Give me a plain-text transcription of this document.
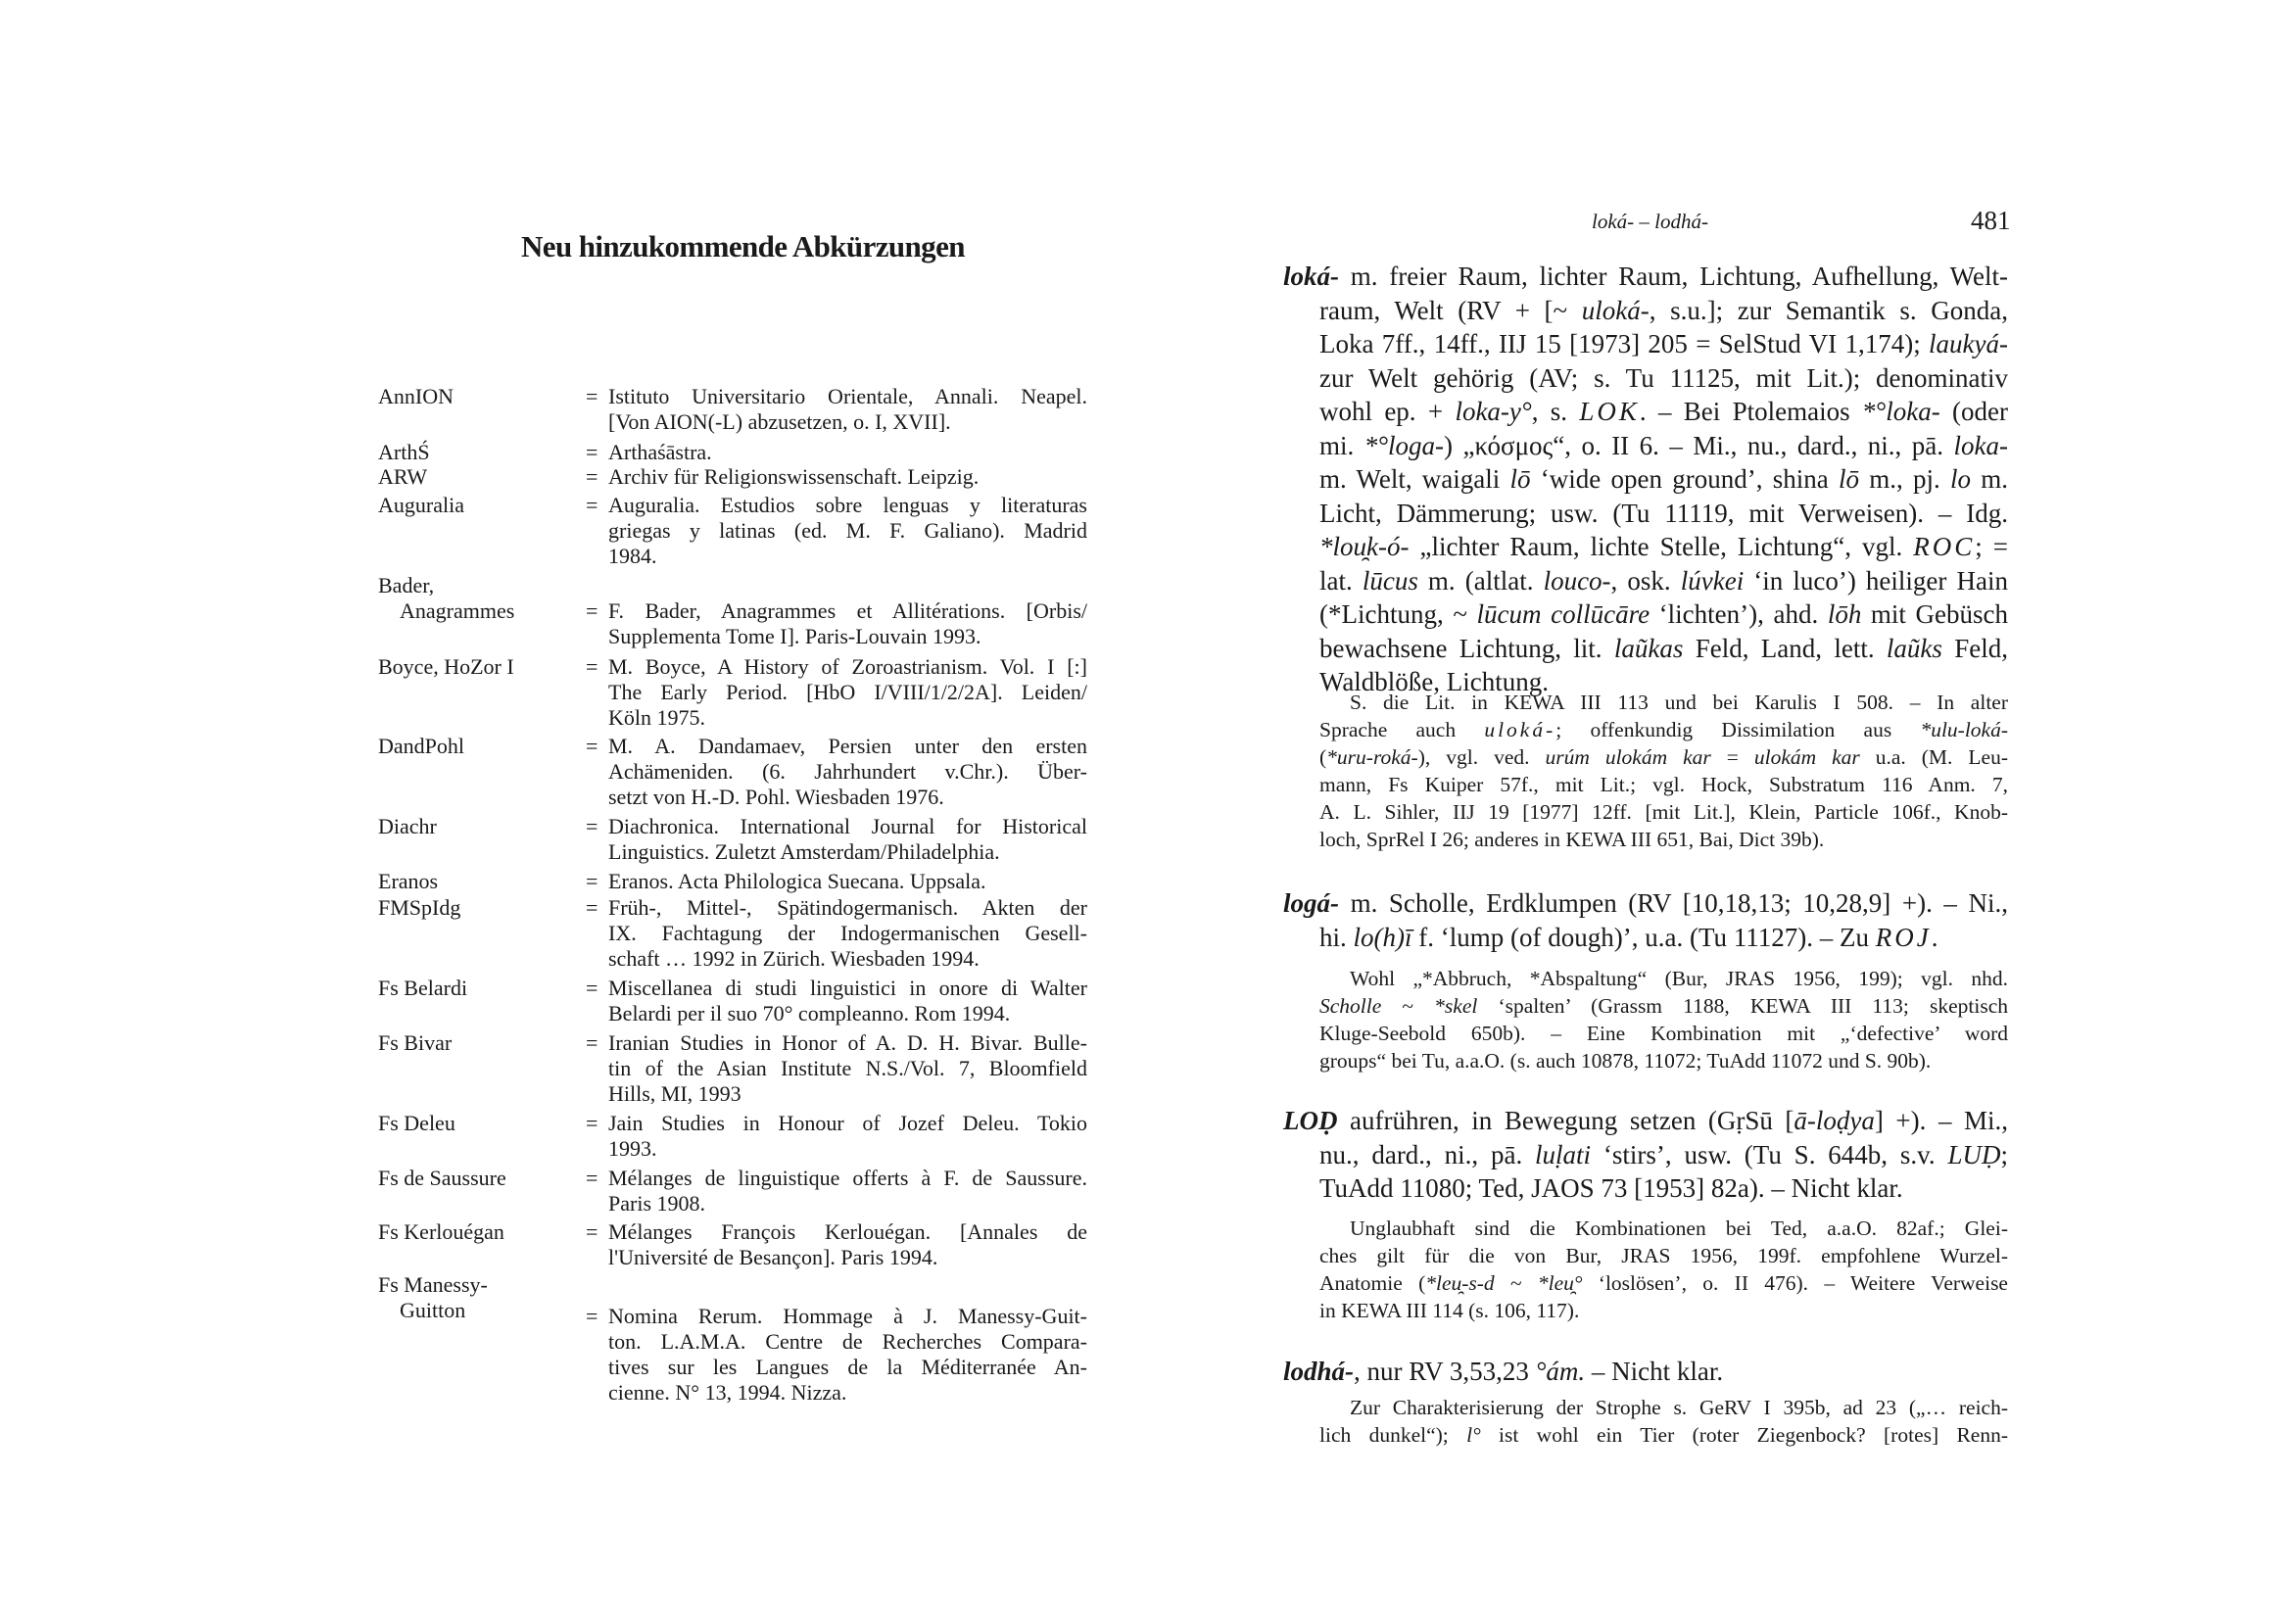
Neu hinzukommende Abkürzungen
AnnION	= Istituto Universitario Orientale, Annali. Neapel.
[Von AION(-L) abzusetzen, o. I, XVII].
ArthŚ	= Arthaśāstra.
ARW	= Archiv für Religionswissenschaft. Leipzig.
Auguralia	= Auguralia. Estudios sobre lenguas y literaturas
griegas y latinas (ed. M. F. Galiano). Madrid
1984.
Bader,
Anagrammes	= F. Bader, Anagrammes et Allitérations. [Orbis/
Supplementa Tome I]. Paris-Louvain 1993.
Boyce, HoZor I	= M. Boyce, A History of Zoroastrianism. Vol. I [:]
The Early Period. [HbO I/VIII/1/2/2A]. Leiden/
Köln 1975.
DandPohl	= M. A. Dandamaev, Persien unter den ersten
Achämeniden. (6. Jahrhundert v.Chr.). Über-
setzt von H.-D. Pohl. Wiesbaden 1976.
Diachr	= Diachronica. International Journal for Historical
Linguistics. Zuletzt Amsterdam/Philadelphia.
Eranos	= Eranos. Acta Philologica Suecana. Uppsala.
FMSpIdg	= Früh-, Mittel-, Spätindogermanisch. Akten der
IX. Fachtagung der Indogermanischen Gesell-
schaft … 1992 in Zürich. Wiesbaden 1994.
Fs Belardi	= Miscellanea di studi linguistici in onore di Walter
Belardi per il suo 70° compleanno. Rom 1994.
Fs Bivar	= Iranian Studies in Honor of A. D. H. Bivar. Bulle-
tin of the Asian Institute N.S./Vol. 7, Bloomfield
Hills, MI, 1993
Fs Deleu	= Jain Studies in Honour of Jozef Deleu. Tokio
1993.
Fs de Saussure	= Mélanges de linguistique offerts à F. de Saussure.
Paris 1908.
Fs Kerlouégan	= Mélanges François Kerlouégan. [Annales de
l'Université de Besançon]. Paris 1994.
Fs Manessy-
Guitton	= Nomina Rerum. Hommage à J. Manessy-Guit-
ton. L.A.M.A. Centre de Recherches Compara-
tives sur les Langues de la Méditerranée An-
cienne. N° 13, 1994. Nizza.
loká- – lodhá-	481
loká- m. freier Raum, lichter Raum, Lichtung, Aufhellung, Welt-
raum, Welt (RV + [~ uloká-, s.u.]; zur Semantik s. Gonda,
Loka 7ff., 14ff., IIJ 15 [1973] 205 = SelStud VI 1,174); laukyá-
zur Welt gehörig (AV; s. Tu 11125, mit Lit.); denominativ
wohl ep. + loka-y°, s. LOK. – Bei Ptolemaios *°loka- (oder
mi. *°loga-) „κόσμος“, o. II 6. – Mi., nu., dard., ni., pā. loka-
m. Welt, waigali lō ‘wide open ground’, shina lō m., pj. lo m.
Licht, Dämmerung; usw. (Tu 11119, mit Verweisen). – Idg.
*lou̯k-ó- „lichter Raum, lichte Stelle, Lichtung“, vgl. ROC; =
lat. lūcus m. (altlat. louco-, osk. lúvkei ‘in luco’) heiliger Hain
(*Lichtung, ~ lūcum collūcāre ‘lichten’), ahd. lōh mit Gebüsch
bewachsene Lichtung, lit. laũkas Feld, Land, lett. laũks Feld,
Waldblöße, Lichtung.
S. die Lit. in KEWA III 113 und bei Karulis I 508. – In alter
Sprache auch uloká-; offenkundig Dissimilation aus *ulu-loká-
(*uru-roká-), vgl. ved. urúm ulokám kar = ulokám kar u.a. (M. Leu-
mann, Fs Kuiper 57f., mit Lit.; vgl. Hock, Substratum 116 Anm. 7,
A. L. Sihler, IIJ 19 [1977] 12ff. [mit Lit.], Klein, Particle 106f., Knob-
loch, SprRel I 26; anderes in KEWA III 651, Bai, Dict 39b).
logá- m. Scholle, Erdklumpen (RV [10,18,13; 10,28,9] +). – Ni.,
hi. lo(h)ī f. ‘lump (of dough)’, u.a. (Tu 11127). – Zu ROJ.
Wohl „*Abbruch, *Abspaltung“ (Bur, JRAS 1956, 199); vgl. nhd.
Scholle ~ *skel ‘spalten’ (Grassm 1188, KEWA III 113; skeptisch
Kluge-Seebold 650b). – Eine Kombination mit „‘defective’ word
groups“ bei Tu, a.a.O. (s. auch 10878, 11072; TuAdd 11072 und S. 90b).
LOḌ aufrühren, in Bewegung setzen (GṛSū [ā-loḍya] +). – Mi.,
nu., dard., ni., pā. luḷati ‘stirs’, usw. (Tu S. 644b, s.v. LUḌ;
TuAdd 11080; Ted, JAOS 73 [1953] 82a). – Nicht klar.
Unglaubhaft sind die Kombinationen bei Ted, a.a.O. 82af.; Glei-
ches gilt für die von Bur, JRAS 1956, 199f. empfohlene Wurzel-
Anatomie (*leu̯-s-d ~ *leu̯° ‘loslösen’, o. II 476). – Weitere Verweise
in KEWA III 114 (s. 106, 117).
lodhá-, nur RV 3,53,23 °ám. – Nicht klar.
Zur Charakterisierung der Strophe s. GeRV I 395b, ad 23 („… reich-
lich dunkel“); l° ist wohl ein Tier (roter Ziegenbock? [rotes] Renn-
